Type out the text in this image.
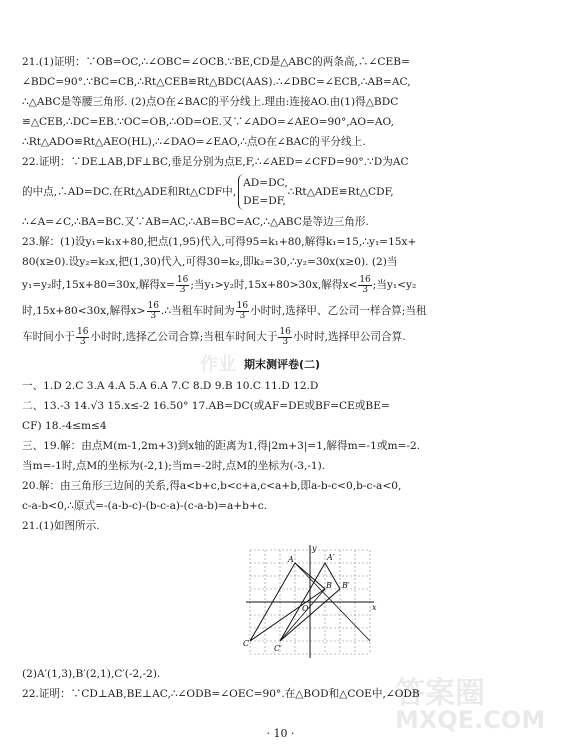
21.(1)证明：∵OB=OC,∴∠OBC=∠OCB.∵BE,CD是△ABC的两条高,∴∠CEB=
∠BDC=90°.∵BC=CB,∴Rt△CEB≌Rt△BDC(AAS).∴∠DBC=∠ECB,∴AB=AC,
∴△ABC是等腰三角形. (2)点O在∠BAC的平分线上.理由:连接AO.由(1)得△BDC
≌△CEB,∴DC=EB.∵OC=OB,∴OD=OE.又∵∠ADO=∠AEO=90°,AO=AO,
∴Rt△ADO≌Rt△AEO(HL),∴∠DAO=∠EAO,∴点O在∠BAC的平分线上.
22.证明：∵DE⊥AB,DF⊥BC,垂足分别为点E,F,∴∠AED=∠CFD=90°.∵D为AC
的中点,∴AD=DC.在Rt△ADE和Rt△CDF中,
AD=DC,
DE=DF,
∴Rt△ADE≌Rt△CDF,
∴∠A=∠C,∴BA=BC.又∵AB=AC,∴AB=BC=AC,∴△ABC是等边三角形.
23.解：(1)设y₁=k₁x+80,把点(1,95)代入,可得95=k₁+80,解得k₁=15,∴y₁=15x+
80(x≥0).设y₂=k₂x,把(1,30)代入,可得30=k₂,即k₂=30,∴y₂=30x(x≥0). (2)当
y₁=y₂时,15x+80=30x,解得$x= \frac{16}{3}$ ;当y₁>y₂时,15x+80>30x,解得$x< \frac{16}{3}$ ;当y₁<y₂
时,15x+80<30x,解得$x> \frac{16}{3}$ .∴当租车时间为 $\frac{16}{3}$ 小时时,选择甲、乙公司一样合算;当租
车时间小于 $\frac{16}{3}$ 小时时,选择乙公司合算;当租车时间大于 $\frac{16}{3}$ 小时时,选择甲公司合算.
期末测评卷(二)
一、1.D 2.C 3.A 4.A 5.A 6.A 7.C 8.D 9.B 10.C 11.D 12.D
二、13.-3 14.√3 15.x≤-2 16.50° 17.AB=DC(或AF=DE或BF=CE或BE=
CF) 18.-4≤m≤4
三、19.解：由点M(m-1,2m+3)到x轴的距离为1,得|2m+3|=1,解得m=-1或m=-2.
当m=-1时,点M的坐标为(-2,1);当m=-2时,点M的坐标为(-3,-1).
20.解：由三角形三边间的关系,得a<b+c,b<c+a,c<a+b,即a-b-c<0,b-c-a<0,
c-a-b<0,∴原式=-(a-b-c)-(b-c-a)-(c-a-b)=a+b+c.
21.(1)如图所示.
y
x
A	A′
B B′
C
C′
O
(2)A′(1,3),B′(2,1),C′(-2,-2).
22.证明：∵CD⊥AB,BE⊥AC,∴∠ODB=∠OEC=90°.在△BOD和△COE中,∠ODB
作业
答案圈
MXQE.COM
· 10 ·
